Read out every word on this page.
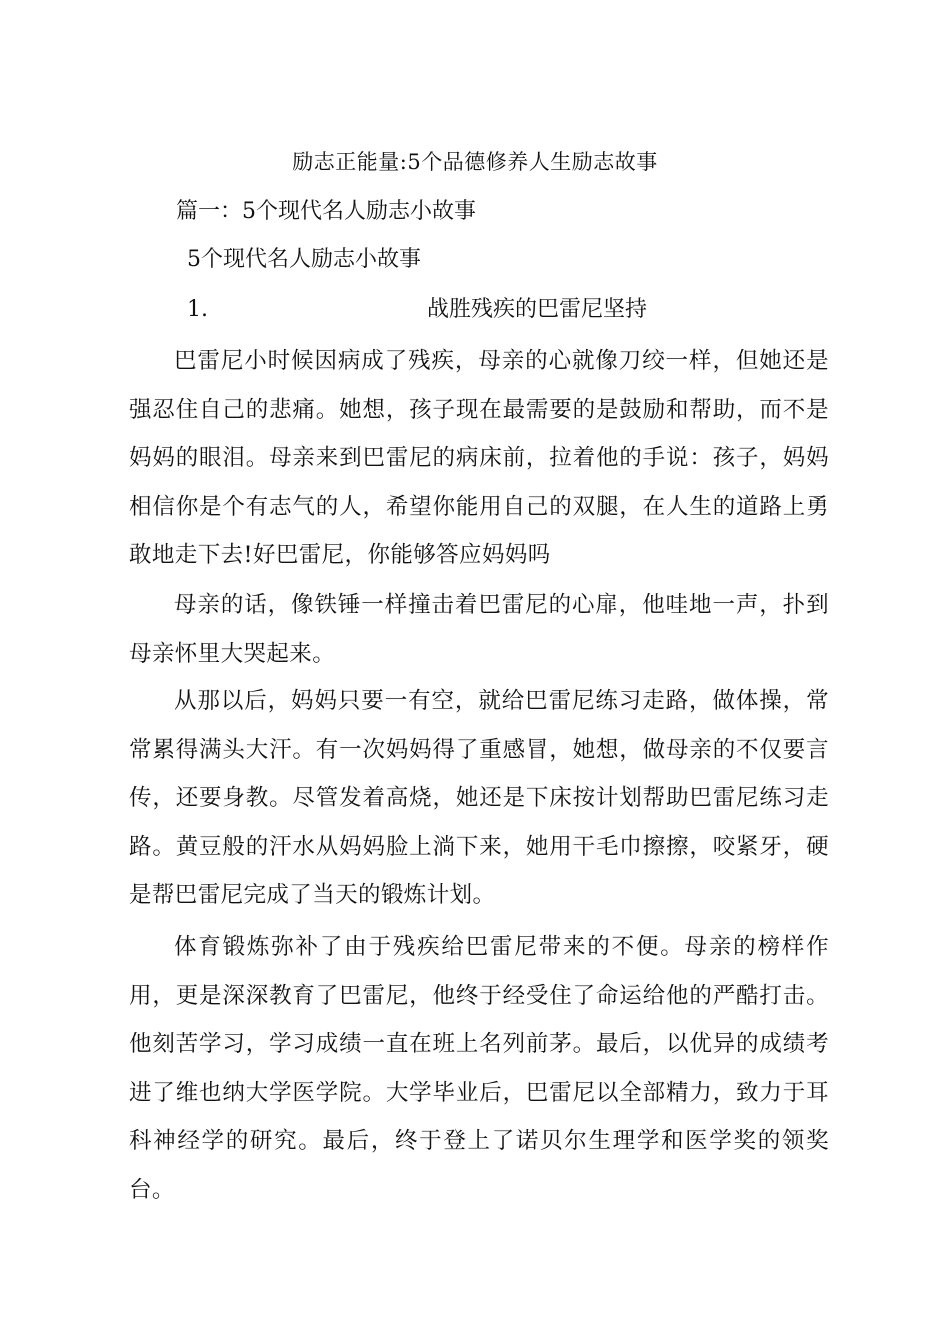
励志正能量:5个品德修养人生励志故事
篇一：5个现代名人励志小故事
5个现代名人励志小故事
1.	战胜残疾的巴雷尼坚持

巴雷尼小时候因病成了残疾，母亲的心就像刀绞一样，但她还是强忍住自己的悲痛。她想，孩子现在最需要的是鼓励和帮助，而不是妈妈的眼泪。母亲来到巴雷尼的病床前，拉着他的手说：孩子，妈妈相信你是个有志气的人，希望你能用自己的双腿，在人生的道路上勇敢地走下去!好巴雷尼，你能够答应妈妈吗

母亲的话，像铁锤一样撞击着巴雷尼的心扉，他哇地一声，扑到母亲怀里大哭起来。

从那以后，妈妈只要一有空，就给巴雷尼练习走路，做体操，常常累得满头大汗。有一次妈妈得了重感冒，她想，做母亲的不仅要言传，还要身教。尽管发着高烧，她还是下床按计划帮助巴雷尼练习走路。黄豆般的汗水从妈妈脸上淌下来，她用干毛巾擦擦，咬紧牙，硬是帮巴雷尼完成了当天的锻炼计划。

体育锻炼弥补了由于残疾给巴雷尼带来的不便。母亲的榜样作用，更是深深教育了巴雷尼，他终于经受住了命运给他的严酷打击。他刻苦学习，学习成绩一直在班上名列前茅。最后，以优异的成绩考进了维也纳大学医学院。大学毕业后，巴雷尼以全部精力，致力于耳科神经学的研究。最后，终于登上了诺贝尔生理学和医学奖的领奖台。
